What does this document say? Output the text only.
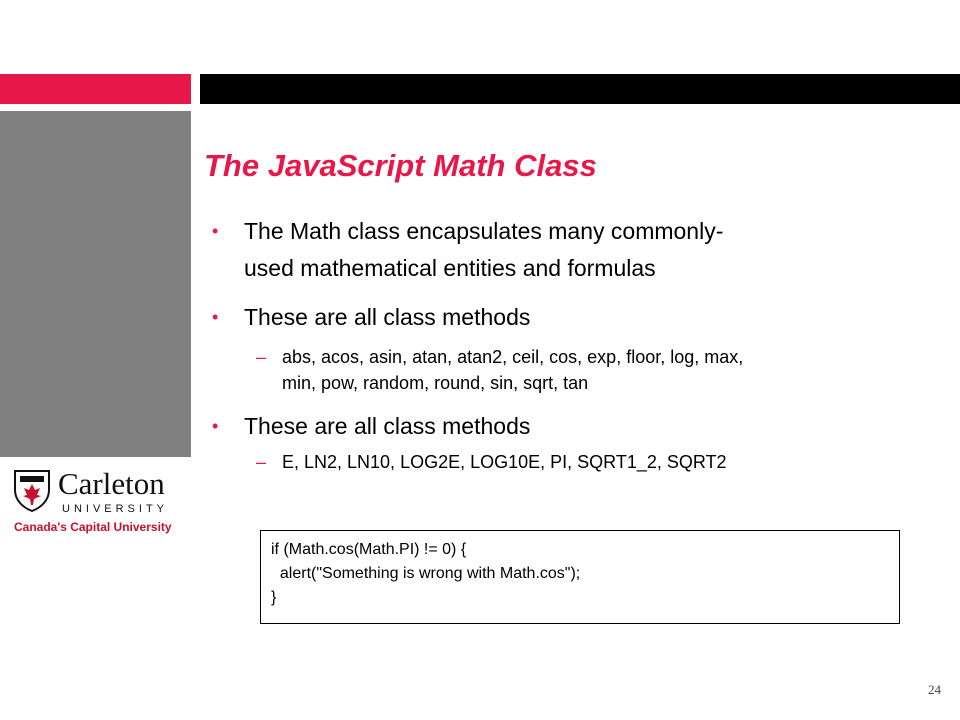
The JavaScript Math Class
• The Math class encapsulates many commonly-
used mathematical entities and formulas
• These are all class methods
– abs, acos, asin, atan, atan2, ceil, cos, exp, floor, log, max,
min, pow, random, round, sin, sqrt, tan
• These are all class methods
– E, LN2, LN10, LOG2E, LOG10E, PI, SQRT1_2, SQRT2
Carleton
UNIVERSITY
Canada's Capital University
if (Math.cos(Math.PI) != 0) {
alert("Something is wrong with Math.cos");
}
24
